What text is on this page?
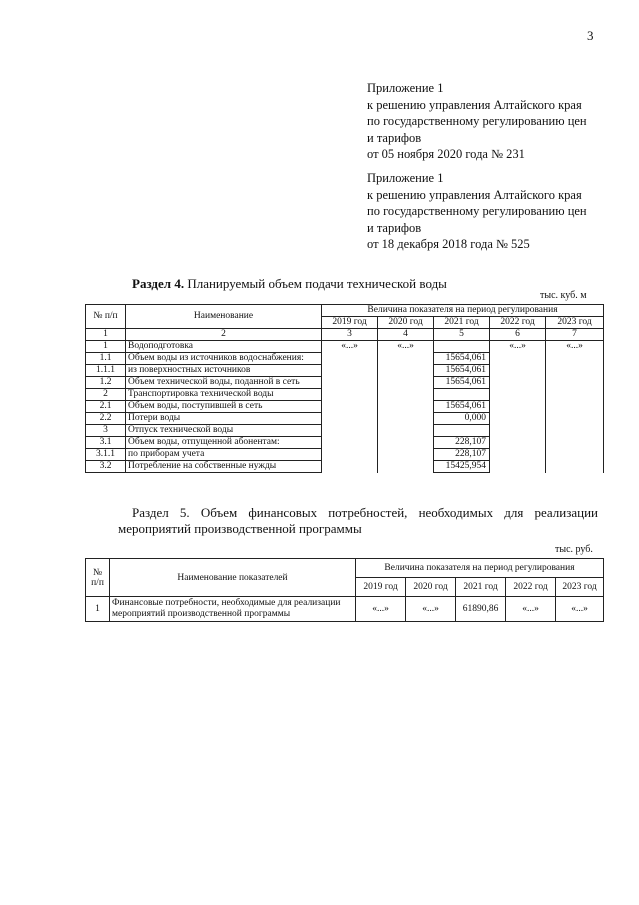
3
Приложение 1
к решению управления Алтайского края
по государственному регулированию цен
и тарифов
от 05 ноября 2020 года № 231
Приложение 1
к решению управления Алтайского края
по государственному регулированию цен
и тарифов
от 18 декабря 2018 года № 525
Раздел 4. Планируемый объем подачи технической воды
тыс. куб. м
№ п/п	Наименование	Величина показателя на период регулирования				
		2019 год	2020 год	2021 год	2022 год	2023 год
1	2	3	4	5	6	7
1	Водоподготовка	«...»	«...»		«...»	«...»
1.1	Объем воды из источников водоснабжения:			15654,061		
1.1.1	из поверхностных источников			15654,061		
1.2	Объем технической воды, поданной в сеть			15654,061		
2	Транспортировка технической воды					
2.1	Объем воды, поступившей в сеть			15654,061		
2.2	Потери воды			0,000		
3	Отпуск технической воды					
3.1	Объем воды, отпущенной абонентам:			228,107		
3.1.1	по приборам учета			228,107		
3.2	Потребление на собственные нужды			15425,954		
Раздел 5. Объем финансовых потребностей, необходимых для реализации
мероприятий производственной программы
тыс. руб.
№ п/п	Наименование показателей	Величина показателя на период регулирования				
		2019 год	2020 год	2021 год	2022 год	2023 год
1	Финансовые потребности, необходимые для реализации мероприятий производственной программы	«...»	«...»	61890,86	«...»	«...»
